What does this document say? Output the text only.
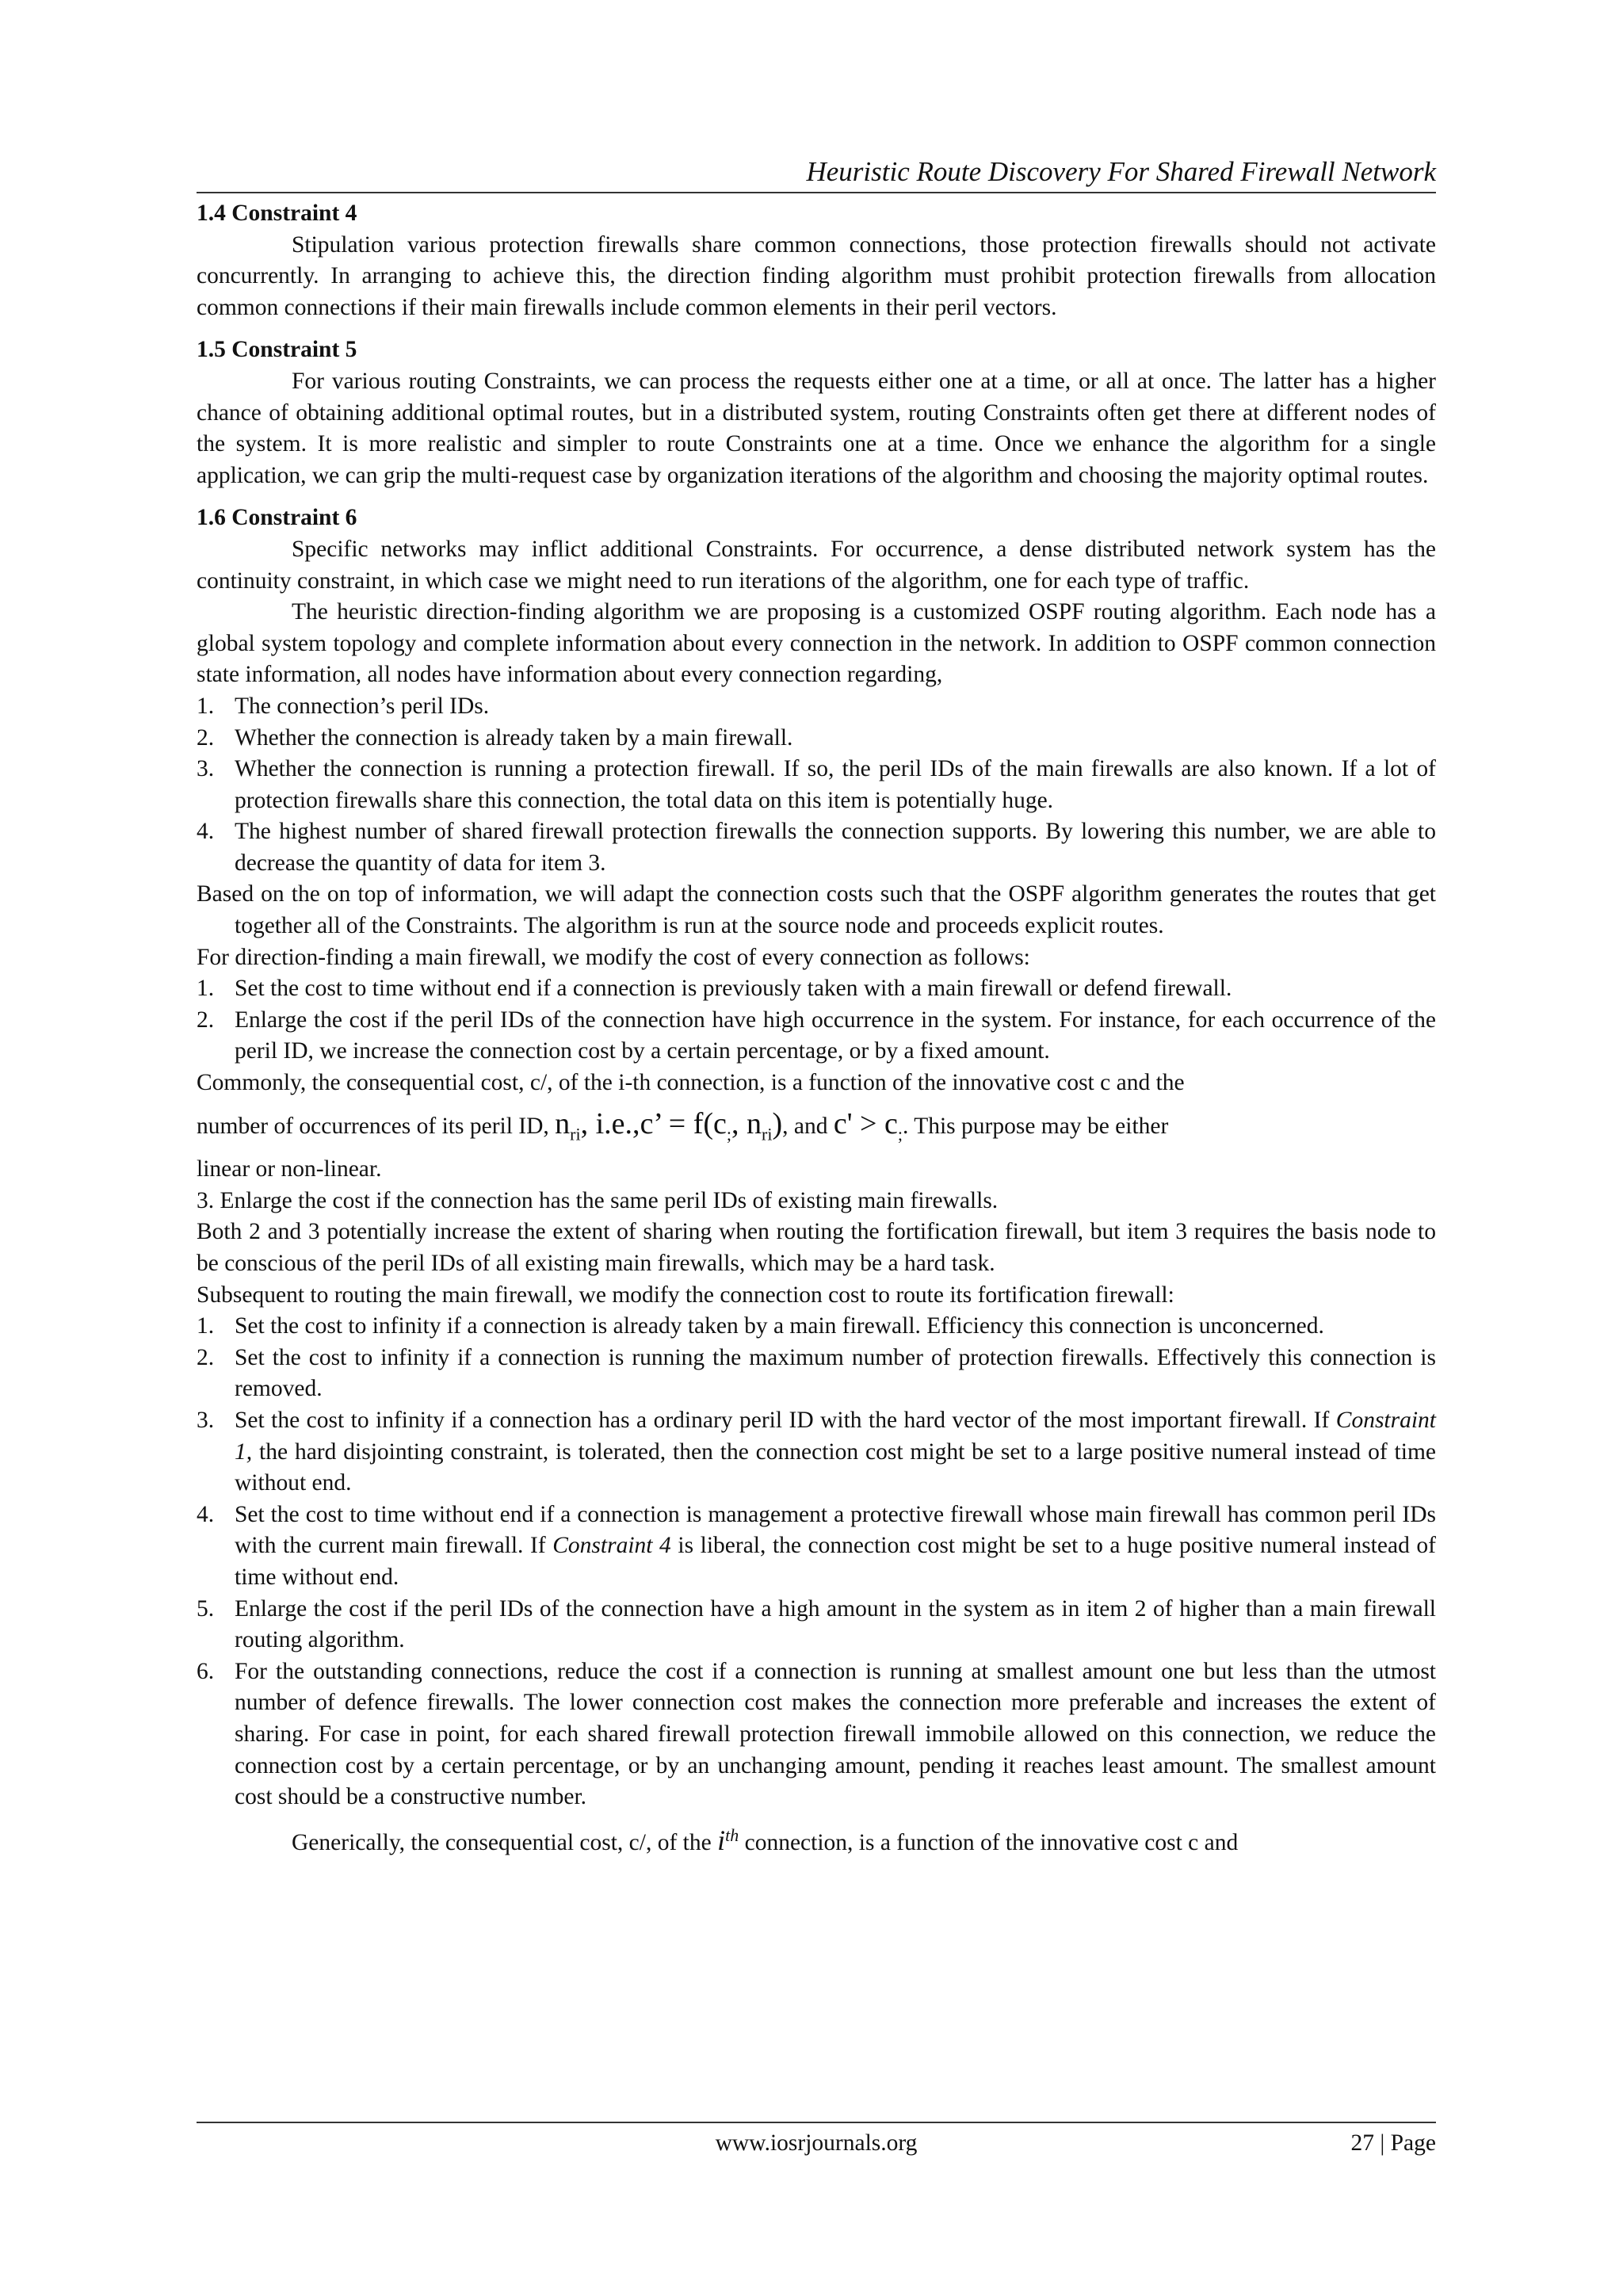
Heuristic Route Discovery For Shared Firewall Network

1.4 Constraint 4

Stipulation various protection firewalls share common connections, those protection firewalls should not activate concurrently. In arranging to achieve this, the direction finding algorithm must prohibit protection firewalls from allocation common connections if their main firewalls include common elements in their peril vectors.

1.5 Constraint 5

For various routing Constraints, we can process the requests either one at a time, or all at once. The latter has a higher chance of obtaining additional optimal routes, but in a distributed system, routing Constraints often get there at different nodes of the system. It is more realistic and simpler to route Constraints one at a time. Once we enhance the algorithm for a single application, we can grip the multi-request case by organization iterations of the algorithm and choosing the majority optimal routes.

1.6 Constraint 6

Specific networks may inflict additional Constraints. For occurrence, a dense distributed network system has the continuity constraint, in which case we might need to run iterations of the algorithm, one for each type of traffic.

The heuristic direction-finding algorithm we are proposing is a customized OSPF routing algorithm. Each node has a global system topology and complete information about every connection in the network. In addition to OSPF common connection state information, all nodes have information about every connection regarding,

1. The connection’s peril IDs.
2. Whether the connection is already taken by a main firewall.
3. Whether the connection is running a protection firewall. If so, the peril IDs of the main firewalls are also known. If a lot of protection firewalls share this connection, the total data on this item is potentially huge.
4. The highest number of shared firewall protection firewalls the connection supports. By lowering this number, we are able to decrease the quantity of data for item 3.

Based on the on top of information, we will adapt the connection costs such that the OSPF algorithm generates the routes that get together all of the Constraints. The algorithm is run at the source node and proceeds explicit routes.

For direction-finding a main firewall, we modify the cost of every connection as follows:

1. Set the cost to time without end if a connection is previously taken with a main firewall or defend firewall.
2. Enlarge the cost if the peril IDs of the connection have high occurrence in the system. For instance, for each occurrence of the peril ID, we increase the connection cost by a certain percentage, or by a fixed amount.

Commonly, the consequential cost, c/, of the i-th connection, is a function of the innovative cost c and the

number of occurrences of its peril ID, $n_{ri}$, i.e.,c’ = $f(c_;$, $n_{ri}$), and $c' > c_;$. This purpose may be either

linear or non-linear.

3. Enlarge the cost if the connection has the same peril IDs of existing main firewalls.

Both 2 and 3 potentially increase the extent of sharing when routing the fortification firewall, but item 3 requires the basis node to be conscious of the peril IDs of all existing main firewalls, which may be a hard task.

Subsequent to routing the main firewall, we modify the connection cost to route its fortification firewall:

1. Set the cost to infinity if a connection is already taken by a main firewall. Efficiency this connection is unconcerned.
2. Set the cost to infinity if a connection is running the maximum number of protection firewalls. Effectively this connection is removed.
3. Set the cost to infinity if a connection has a ordinary peril ID with the hard vector of the most important firewall. If Constraint 1, the hard disjointing constraint, is tolerated, then the connection cost might be set to a large positive numeral instead of time without end.
4. Set the cost to time without end if a connection is management a protective firewall whose main firewall has common peril IDs with the current main firewall. If Constraint 4 is liberal, the connection cost might be set to a huge positive numeral instead of time without end.
5. Enlarge the cost if the peril IDs of the connection have a high amount in the system as in item 2 of higher than a main firewall routing algorithm.
6. For the outstanding connections, reduce the cost if a connection is running at smallest amount one but less than the utmost number of defence firewalls. The lower connection cost makes the connection more preferable and increases the extent of sharing. For case in point, for each shared firewall protection firewall immobile allowed on this connection, we reduce the connection cost by a certain percentage, or by an unchanging amount, pending it reaches least amount. The smallest amount cost should be a constructive number.

Generically, the consequential cost, c/, of the $i^{th}$ connection, is a function of the innovative cost c and

www.iosrjournals.org	27 | Page
